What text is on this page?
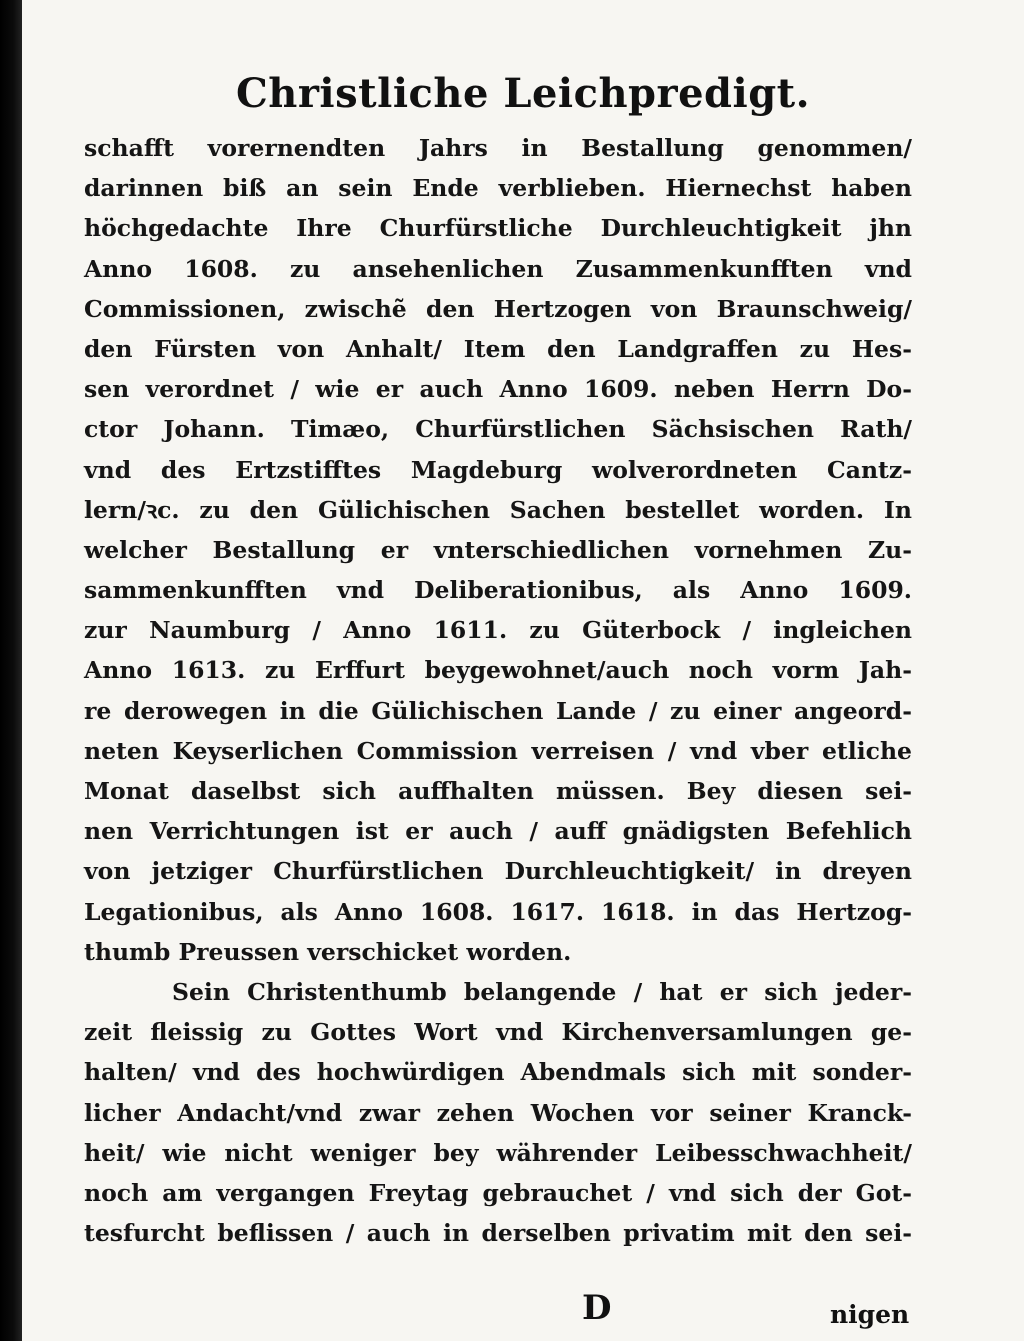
Christliche Leichpredigt.
schafft vorernendten Jahrs in Bestallung genommen/
darinnen biß an sein Ende verblieben. Hiernechst haben
höchgedachte Ihre Churfürstliche Durchleuchtigkeit jhn
Anno 1608. zu ansehenlichen Zusammenkunfften vnd
Commissionen, zwischẽ den Hertzogen von Braunschweig/
den Fürsten von Anhalt/ Item den Landgraffen zu Hes-
sen verordnet / wie er auch Anno 1609. neben Herrn Do-
ctor Johann. Timæo, Churfürstlichen Sächsischen Rath/
vnd des Ertzstifftes Magdeburg wolverordneten Cantz-
lern/ꝛc. zu den Gülichischen Sachen bestellet worden. In
welcher Bestallung er vnterschiedlichen vornehmen Zu-
sammenkunfften vnd Deliberationibus, als Anno 1609.
zur Naumburg / Anno 1611. zu Güterbock / ingleichen
Anno 1613. zu Erffurt beygewohnet/auch noch vorm Jah-
re derowegen in die Gülichischen Lande / zu einer angeord-
neten Keyserlichen Commission verreisen / vnd vber etliche
Monat daselbst sich auffhalten müssen. Bey diesen sei-
nen Verrichtungen ist er auch / auff gnädigsten Befehlich
von jetziger Churfürstlichen Durchleuchtigkeit/ in dreyen
Legationibus, als Anno 1608. 1617. 1618. in das Hertzog-
thumb Preussen verschicket worden.
Sein Christenthumb belangende / hat er sich jeder-
zeit fleissig zu Gottes Wort vnd Kirchenversamlungen ge-
halten/ vnd des hochwürdigen Abendmals sich mit sonder-
licher Andacht/vnd zwar zehen Wochen vor seiner Kranck-
heit/ wie nicht weniger bey währender Leibesschwachheit/
noch am vergangen Freytag gebrauchet / vnd sich der Got-
tesfurcht beflissen / auch in derselben privatim mit den sei-
D	nigen
